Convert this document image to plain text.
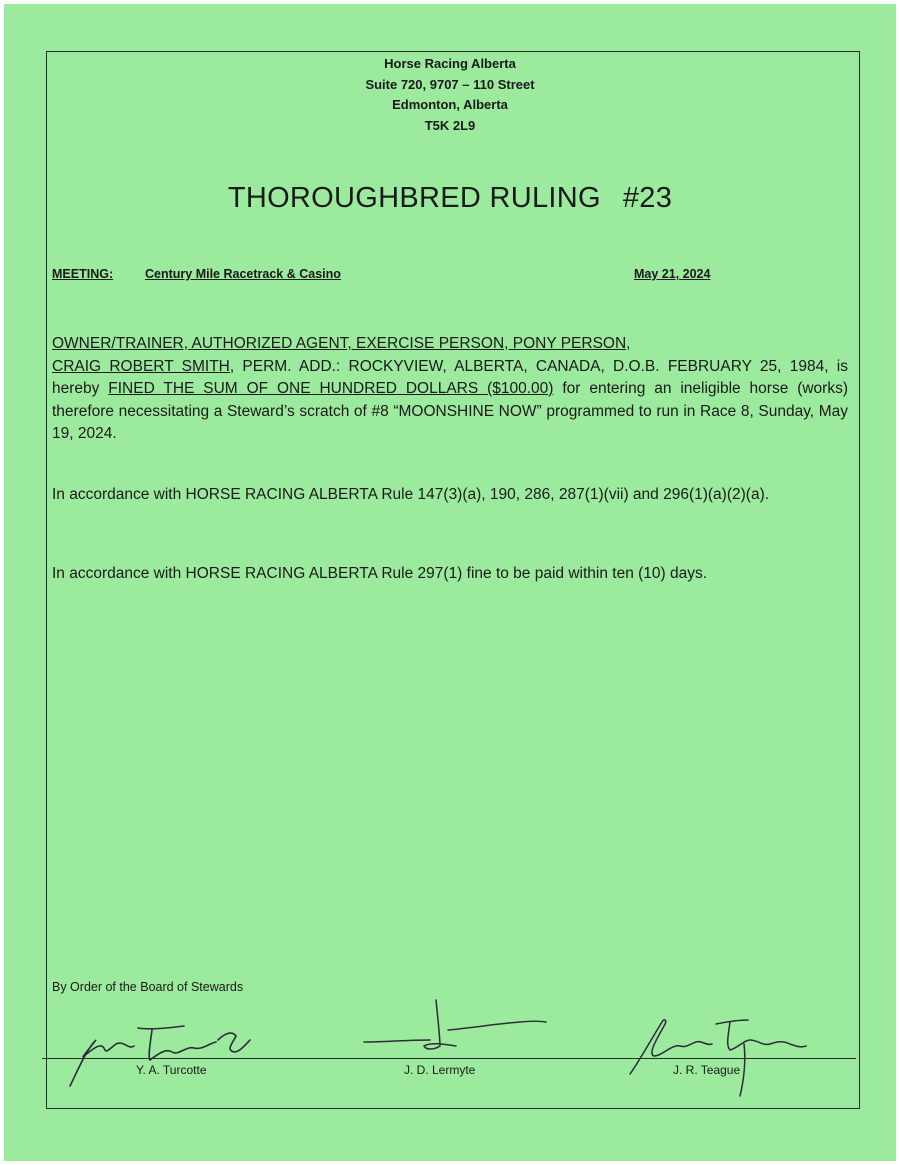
Horse Racing Alberta
Suite 720, 9707 – 110 Street
Edmonton, Alberta
T5K 2L9
THOROUGHBRED RULING #23
MEETING:	Century Mile Racetrack & Casino	May 21, 2024
OWNER/TRAINER, AUTHORIZED AGENT, EXERCISE PERSON, PONY PERSON,
CRAIG ROBERT SMITH, PERM. ADD.: ROCKYVIEW, ALBERTA, CANADA, D.O.B. FEBRUARY 25, 1984, is hereby FINED THE SUM OF ONE HUNDRED DOLLARS ($100.00) for entering an ineligible horse (works) therefore necessitating a Steward’s scratch of #8 “MOONSHINE NOW” programmed to run in Race 8, Sunday, May 19, 2024.
In accordance with HORSE RACING ALBERTA Rule 147(3)(a), 190, 286, 287(1)(vii) and 296(1)(a)(2)(a).
In accordance with HORSE RACING ALBERTA Rule 297(1) fine to be paid within ten (10) days.
By Order of the Board of Stewards
Y. A. Turcotte	J. D. Lermyte	J. R. Teague
